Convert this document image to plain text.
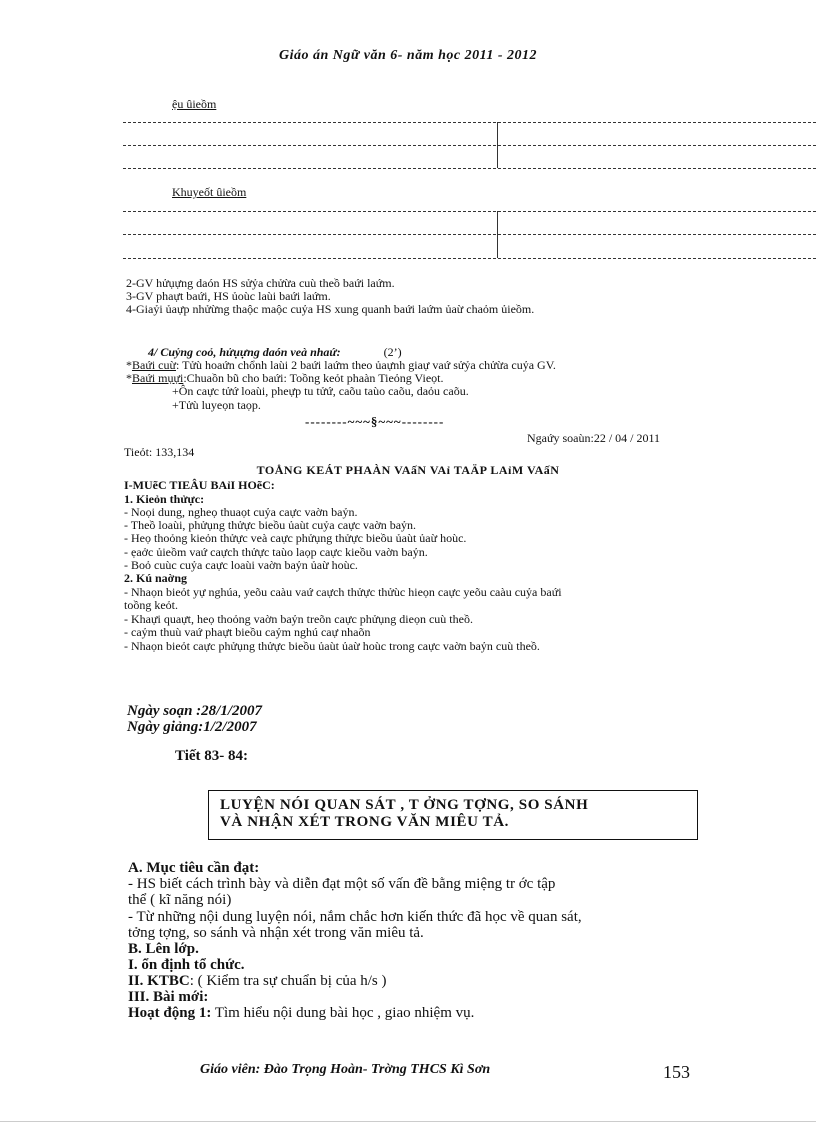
Giáo án Ngữ văn 6- năm học 2011 - 2012
ệu ûieồm
Khuyeốt ûieồm
2-GV hửụựng daón HS sửỷa chửừa cuù theồ baứi laứm.
3-GV phaựt baứi, HS ủoùc laùi baứi laứm.
4-Giaỷi ủaựp nhửừng thaộc maộc cuỷa HS xung quanh baứi laứm ủaừ chaỏm ủieồm.
4/ Cuỷng coỏ, hửụựng daón veà nhaứ:	(2’)
*Baứi cuừ: Tửù hoaứn chổnh laùi 2 baứi laứm theo ủaựnh giaự vaứ sửỷa chửừa cuỷa GV.
*Baứi mụựi:Chuaồn bũ cho baứi: Toồng keỏt phaàn Tieỏng Vieọt.
+Ôn caực tửứ loaùi, pheựp tu tửứ, caõu taùo caõu, daỏu caõu.
+Tửù luyeọn taọp.
--------~~~§~~~--------
Ngaứy soaùn:22 / 04 / 2011
Tieỏt: 133,134
TOÅNG KEÁT PHAÀN VAấN VAỉ TAÄP LAỉM VAấN
I-MUẽC TIEÂU BAỉI HOẽC:
1. Kieỏn thửực:
- Noọi dung, ngheọ thuaọt cuỷa caực vaờn baỷn.
- Theồ loaùi, phửụng thửực bieồu ủaùt cuỷa caực vaờn baỷn.
- Heọ thoỏng kieỏn thửực veà caực phửụng thửực bieồu ủaùt ủaừ hoùc.
- ẹaởc ủieồm vaứ caựch thửực taùo laọp caực kieồu vaờn baỷn.
- Boỏ cuùc cuỷa caực loaùi vaờn baỷn ủaừ hoùc.
2. Kú naờng
- Nhaọn bieỏt yự nghúa, yeõu caàu vaứ caựch thửực thửùc hieọn caực yeõu caàu cuỷa baứi
toồng keỏt.
- Khaựi quaựt, heọ thoỏng vaờn baỷn treõn caực phửụng dieọn cuù theồ.
- caỷm thuù vaứ phaựt bieồu caỷm nghú caự nhaõn
- Nhaọn bieỏt caực phửụng thửực bieồu ủaùt ủaừ hoùc trong caực vaờn baỷn cuù theồ.
Ngày soạn :28/1/2007
Ngày giảng:1/2/2007
Tiết 83- 84:
LUYỆN NÓI QUAN SÁT , T ỞNG TỢNG, SO SÁNH
VÀ NHẬN XÉT TRONG VĂN MIÊU TẢ.
A. Mục tiêu cần đạt:
- HS biết cách trình bày và diễn đạt một số vấn đề bằng miệng tr ớc tập
thể ( kĩ năng nói)
- Từ những nội dung luyện nói, nắm chắc hơn kiến thức đã học về quan sát,
tởng tợng, so sánh và nhận xét trong văn miêu tả.
B. Lên lớp.
I. ổn định tổ chức.
II. KTBC: ( Kiểm tra sự chuẩn bị của h/s )
III. Bài mới:
Hoạt động 1: Tìm hiểu nội dung bài học , giao nhiệm vụ.
Giáo viên: Đào Trọng Hoàn- Trờng THCS Kì Sơn	153
